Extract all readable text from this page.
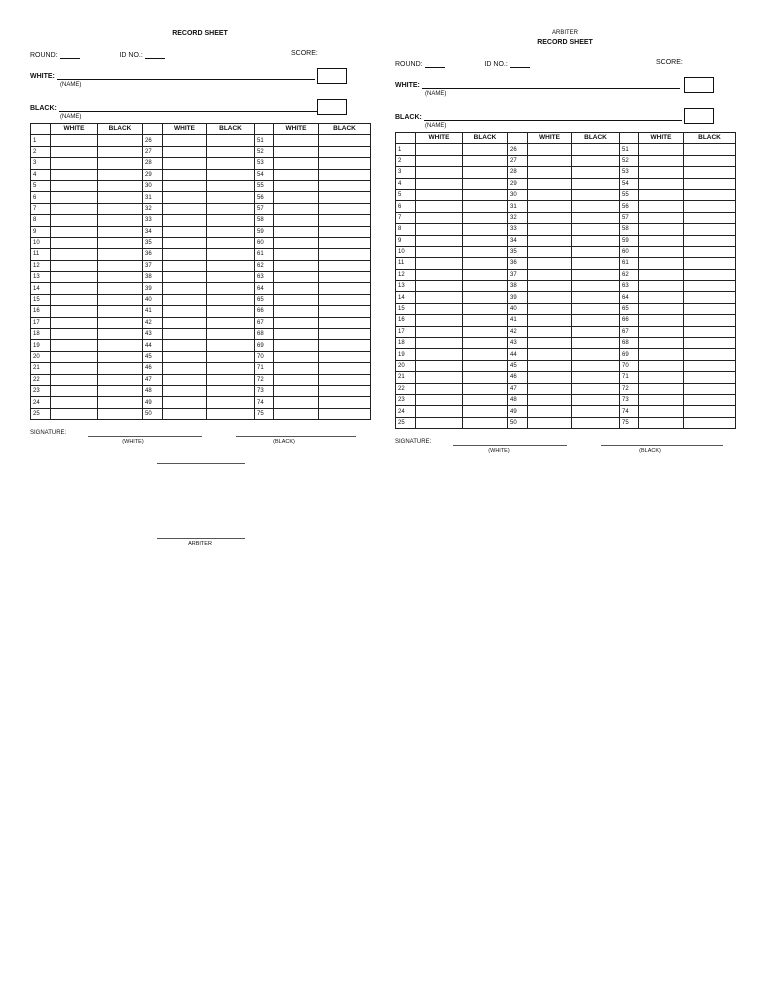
RECORD SHEET
ROUND:	ID NO.:	SCORE:
WHITE:
(NAME)
BLACK:
(NAME)
	WHITE	BLACK		WHITE	BLACK		WHITE	BLACK
1			26			51		
2			27			52		
3			28			53		
4			29			54		
5			30			55		
6			31			56		
7			32			57		
8			33			58		
9			34			59		
10			35			60		
11			36			61		
12			37			62		
13			38			63		
14			39			64		
15			40			65		
16			41			66		
17			42			67		
18			43			68		
19			44			69		
20			45			70		
21			46			71		
22			47			72		
23			48			73		
24			49			74		
25			50			75		
SIGNATURE:
(WHITE)	(BLACK)
ARBITER
ARBITER
RECORD SHEET
ROUND:	ID NO.:	SCORE:
WHITE:
(NAME)
BLACK:
(NAME)
	WHITE	BLACK		WHITE	BLACK		WHITE	BLACK
1			26			51		
2			27			52		
3			28			53		
4			29			54		
5			30			55		
6			31			56		
7			32			57		
8			33			58		
9			34			59		
10			35			60		
11			36			61		
12			37			62		
13			38			63		
14			39			64		
15			40			65		
16			41			66		
17			42			67		
18			43			68		
19			44			69		
20			45			70		
21			46			71		
22			47			72		
23			48			73		
24			49			74		
25			50			75		
SIGNATURE:
(WHITE)	(BLACK)
